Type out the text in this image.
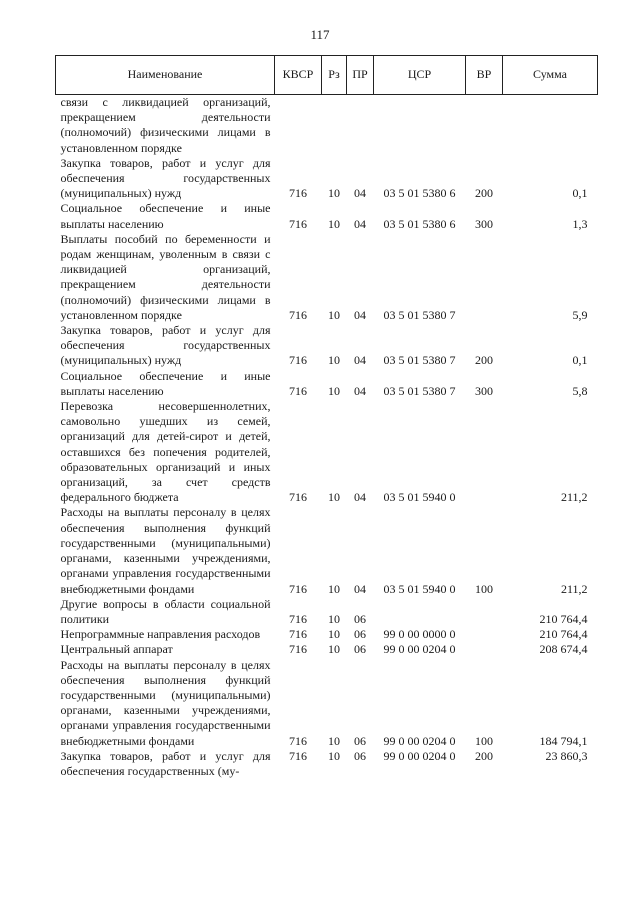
117
Наименование	КВСР	Рз	ПР	ЦСР	ВР	Сумма
связи с ликвидацией организаций, прекращением деятельности (полномочий) физическими лицами в установленном порядке						
Закупка товаров, работ и услуг для обеспечения государственных (муниципальных) нужд	716	10	04	03 5 01 5380 6	200	0,1
Социальное обеспечение и иные выплаты населению	716	10	04	03 5 01 5380 6	300	1,3
Выплаты пособий по беременности и родам женщинам, уволенным в связи с ликвидацией организаций, прекращением деятельности (полномочий) физическими лицами в установленном порядке	716	10	04	03 5 01 5380 7		5,9
Закупка товаров, работ и услуг для обеспечения государственных (муниципальных) нужд	716	10	04	03 5 01 5380 7	200	0,1
Социальное обеспечение и иные выплаты населению	716	10	04	03 5 01 5380 7	300	5,8
Перевозка несовершеннолетних, самовольно ушедших из семей, организаций для детей-сирот и детей, оставшихся без попечения родителей, образовательных организаций и иных организаций, за счет средств федерального бюджета	716	10	04	03 5 01 5940 0		211,2
Расходы на выплаты персоналу в целях обеспечения выполнения функций государственными (муниципальными) органами, казенными учреждениями, органами управления государственными внебюджетными фондами	716	10	04	03 5 01 5940 0	100	211,2
Другие вопросы в области социальной политики	716	10	06			210 764,4
Непрограммные направления расходов	716	10	06	99 0 00 0000 0		210 764,4
Центральный аппарат	716	10	06	99 0 00 0204 0		208 674,4
Расходы на выплаты персоналу в целях обеспечения выполнения функций государственными (муниципальными) органами, казенными учреждениями, органами управления государственными внебюджетными фондами	716	10	06	99 0 00 0204 0	100	184 794,1
Закупка товаров, работ и услуг для обеспечения государственных (му-	716	10	06	99 0 00 0204 0	200	23 860,3
